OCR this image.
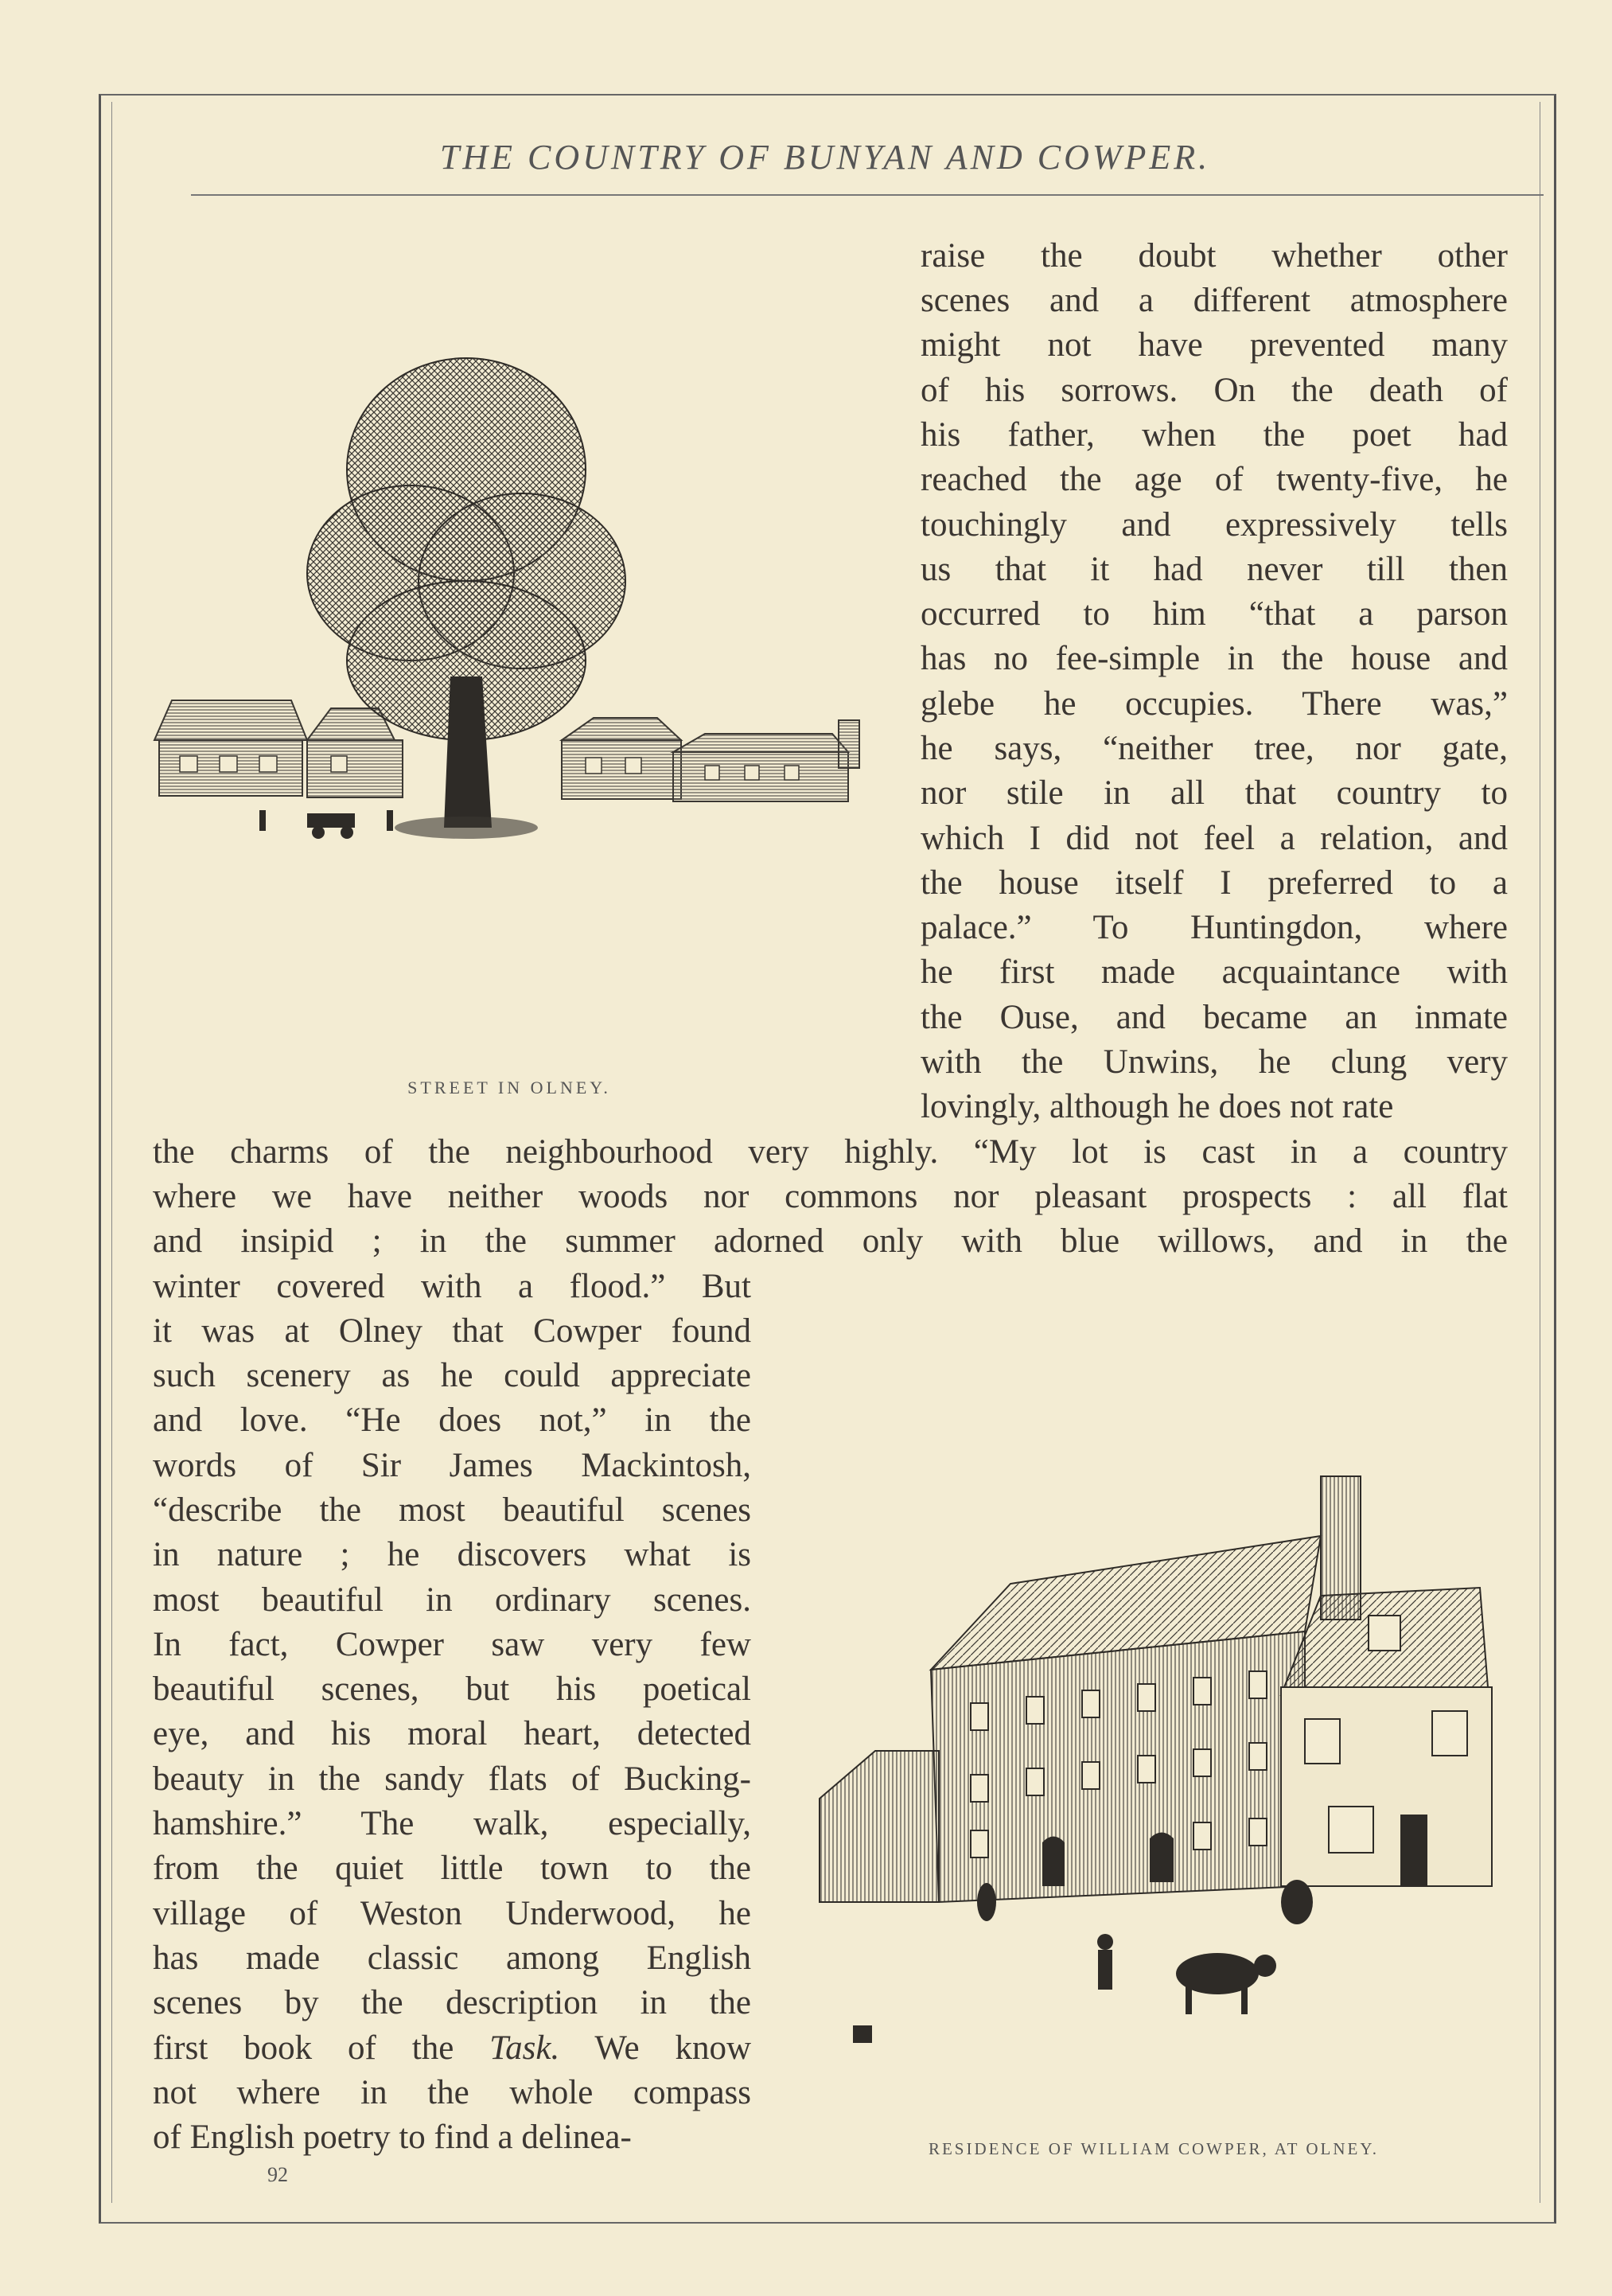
THE COUNTRY OF BUNYAN AND COWPER.
STREET IN OLNEY.
RESIDENCE OF WILLIAM COWPER, AT OLNEY.
raise the doubt whether other
scenes and a different atmosphere
might not have prevented many
of his sorrows. On the death of
his father, when the poet had
reached the age of twenty-five, he
touchingly and expressively tells
us that it had never till then
occurred to him “that a parson
has no fee-simple in the house and
glebe he occupies. There was,”
he says, “neither tree, nor gate,
nor stile in all that country to
which I did not feel a relation, and
the house itself I preferred to a
palace.” To Huntingdon, where
he first made acquaintance with
the Ouse, and became an inmate
with the Unwins, he clung very
lovingly, although he does not rate
the charms of the neighbourhood very highly. “My lot is cast in a country
where we have neither woods nor commons nor pleasant prospects : all flat
and insipid ; in the summer adorned only with blue willows, and in the
winter covered with a flood.” But
it was at Olney that Cowper found
such scenery as he could appreciate
and love. “He does not,” in the
words of Sir James Mackintosh,
“describe the most beautiful scenes
in nature ; he discovers what is
most beautiful in ordinary scenes.
In fact, Cowper saw very few
beautiful scenes, but his poetical
eye, and his moral heart, detected
beauty in the sandy flats of Bucking-
hamshire.” The walk, especially,
from the quiet little town to the
village of Weston Underwood, he
has made classic among English
scenes by the description in the
first book of the Task. We know
not where in the whole compass
of English poetry to find a delinea-
92
